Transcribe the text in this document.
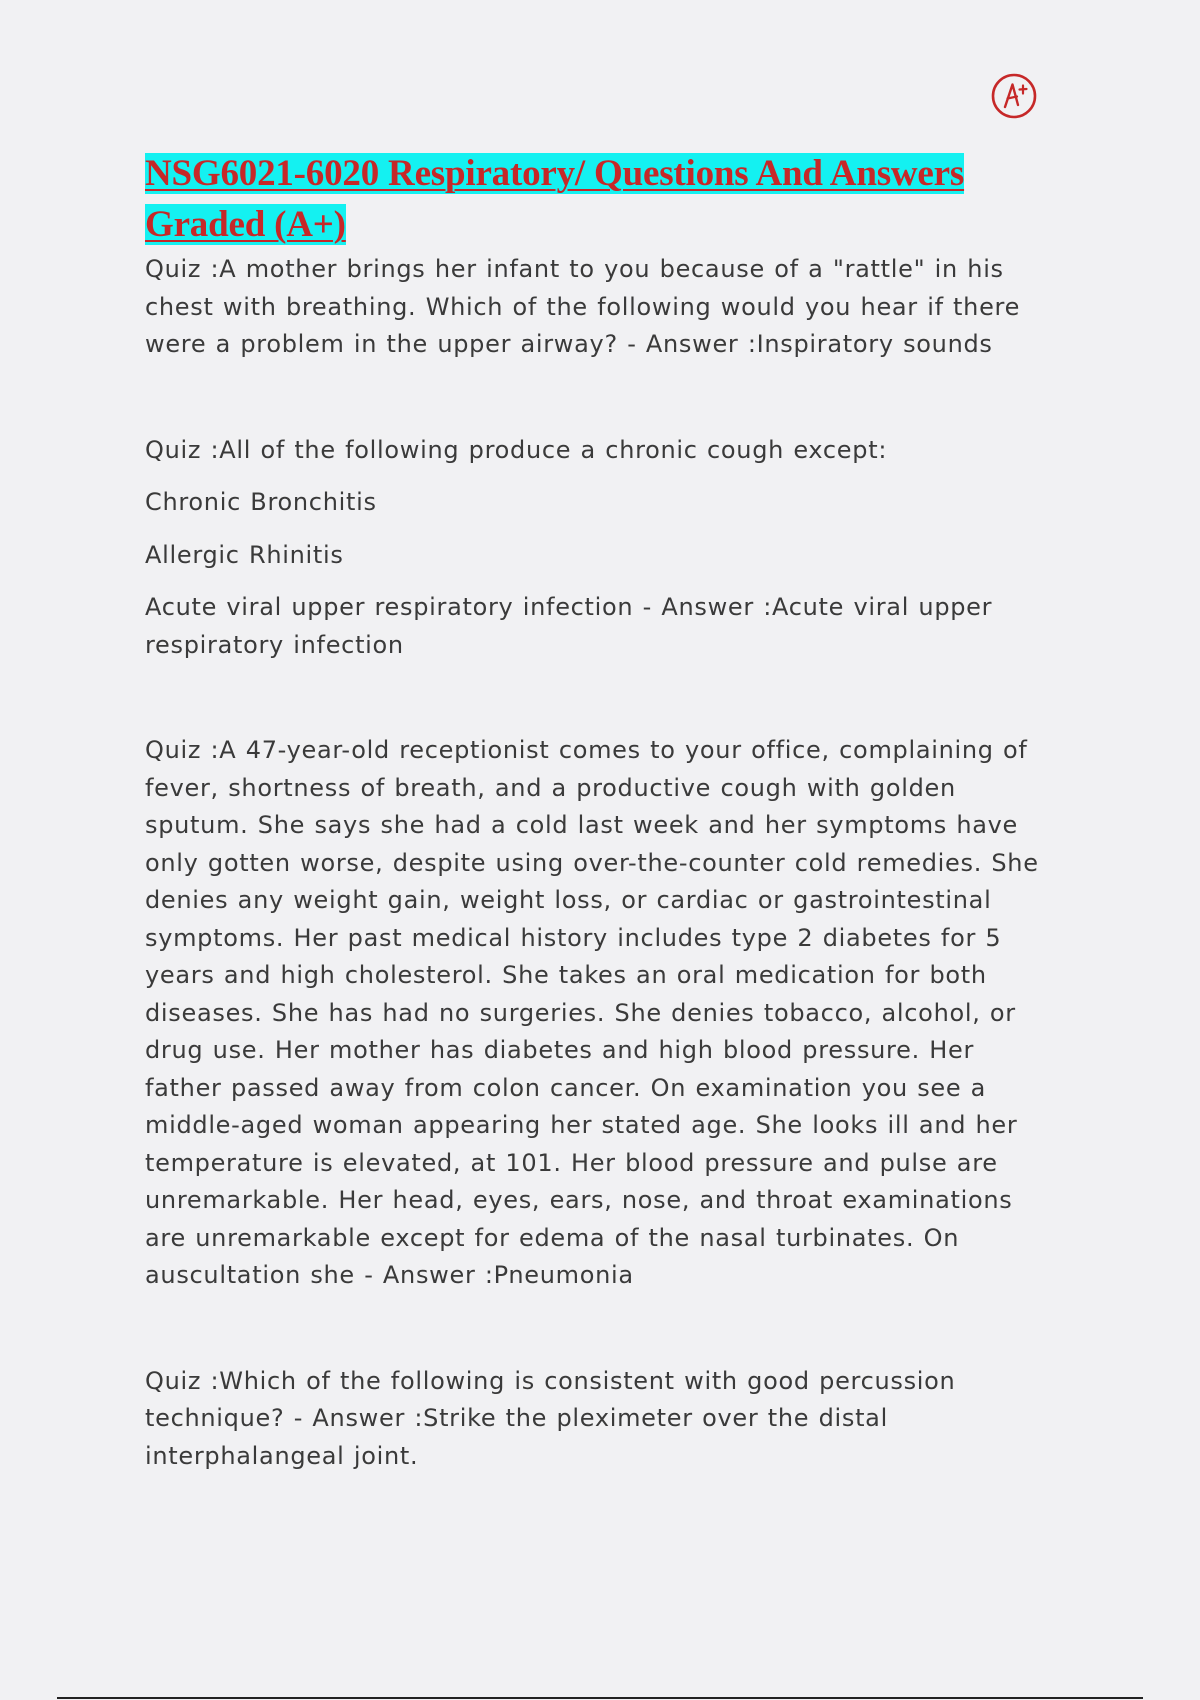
NSG6021-6020 Respiratory/ Questions And Answers Graded (A+)

Quiz :A mother brings her infant to you because of a "rattle" in his chest with breathing. Which of the following would you hear if there were a problem in the upper airway? - Answer :Inspiratory sounds

Quiz :All of the following produce a chronic cough except:

Chronic Bronchitis

Allergic Rhinitis

Acute viral upper respiratory infection - Answer :Acute viral upper respiratory infection

Quiz :A 47-year-old receptionist comes to your office, complaining of fever, shortness of breath, and a productive cough with golden sputum. She says she had a cold last week and her symptoms have only gotten worse, despite using over-the-counter cold remedies. She denies any weight gain, weight loss, or cardiac or gastrointestinal symptoms. Her past medical history includes type 2 diabetes for 5 years and high cholesterol. She takes an oral medication for both diseases. She has had no surgeries. She denies tobacco, alcohol, or drug use. Her mother has diabetes and high blood pressure. Her father passed away from colon cancer. On examination you see a middle-aged woman appearing her stated age. She looks ill and her temperature is elevated, at 101. Her blood pressure and pulse are unremarkable. Her head, eyes, ears, nose, and throat examinations are unremarkable except for edema of the nasal turbinates. On auscultation she - Answer :Pneumonia

Quiz :Which of the following is consistent with good percussion technique? - Answer :Strike the pleximeter over the distal interphalangeal joint.
